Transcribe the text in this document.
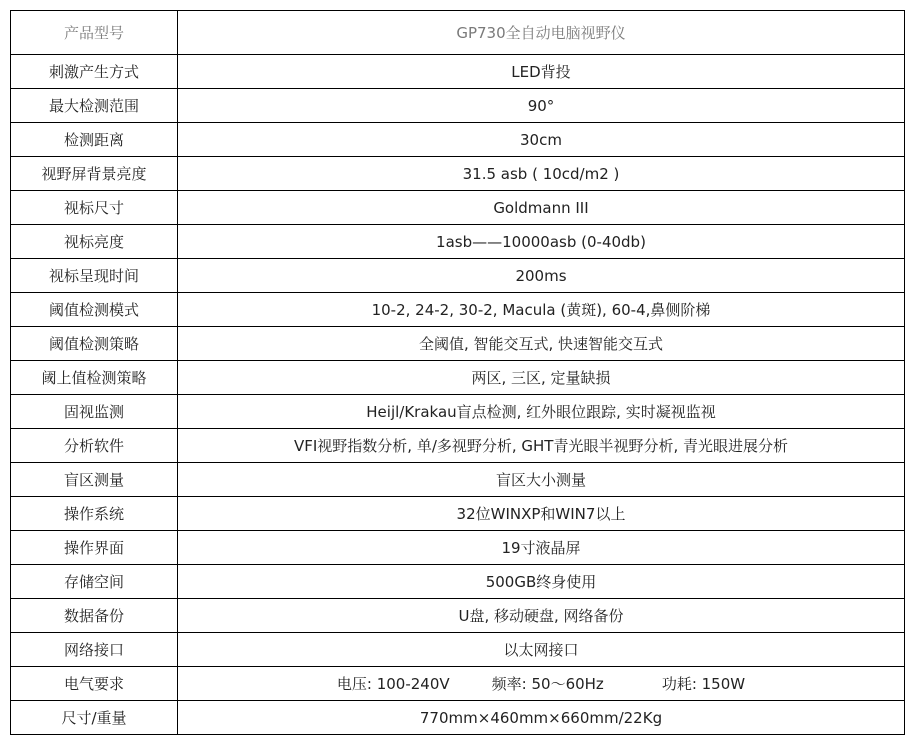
产品型号	GP730全自动电脑视野仪
刺激产生方式	LED背投
最大检测范围	90°
检测距离	30cm
视野屏背景亮度	31.5 asb ( 10cd/m2 )
视标尺寸	Goldmann III
视标亮度	1asb——10000asb (0-40db)
视标呈现时间	200ms
阈值检测模式	10-2, 24-2, 30-2, Macula (黄斑), 60-4,鼻侧阶梯
阈值检测策略	全阈值, 智能交互式, 快速智能交互式
阈上值检测策略	两区, 三区, 定量缺损
固视监测	Heijl/Krakau盲点检测, 红外眼位跟踪, 实时凝视监视
分析软件	VFI视野指数分析, 单/多视野分析, GHT青光眼半视野分析, 青光眼进展分析
盲区测量	盲区大小测量
操作系统	32位WINXP和WIN7以上
操作界面	19寸液晶屏
存储空间	500GB终身使用
数据备份	U盘, 移动硬盘, 网络备份
网络接口	以太网接口
电气要求	电压: 100-240V 频率: 50～60Hz 功耗: 150W
尺寸/重量	770mm×460mm×660mm/22Kg
